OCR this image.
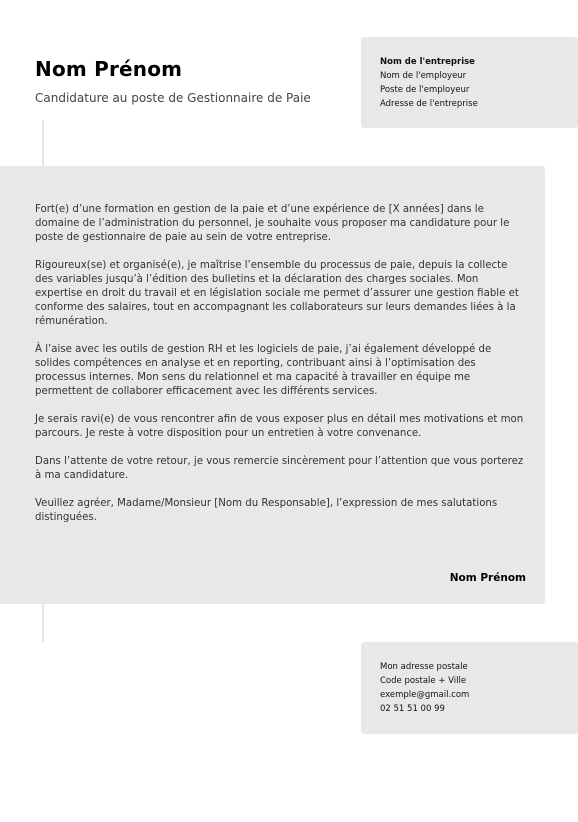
Nom Prénom
Candidature au poste de Gestionnaire de Paie
Nom de l'entreprise
Nom de l'employeur
Poste de l'employeur
Adresse de l'entreprise

Fort(e) d’une formation en gestion de la paie et d’une expérience de [X années] dans le domaine de l’administration du personnel, je souhaite vous proposer ma candidature pour le poste de gestionnaire de paie au sein de votre entreprise.

Rigoureux(se) et organisé(e), je maîtrise l’ensemble du processus de paie, depuis la collecte des variables jusqu’à l’édition des bulletins et la déclaration des charges sociales. Mon expertise en droit du travail et en législation sociale me permet d’assurer une gestion fiable et conforme des salaires, tout en accompagnant les collaborateurs sur leurs demandes liées à la rémunération.

À l’aise avec les outils de gestion RH et les logiciels de paie, j’ai également développé de solides compétences en analyse et en reporting, contribuant ainsi à l’optimisation des processus internes. Mon sens du relationnel et ma capacité à travailler en équipe me permettent de collaborer efficacement avec les différents services.

Je serais ravi(e) de vous rencontrer afin de vous exposer plus en détail mes motivations et mon parcours. Je reste à votre disposition pour un entretien à votre convenance.

Dans l’attente de votre retour, je vous remercie sincèrement pour l’attention que vous porterez à ma candidature.

Veuillez agréer, Madame/Monsieur [Nom du Responsable], l’expression de mes salutations distinguées.

Nom Prénom
Mon adresse postale
Code postale + Ville
exemple@gmail.com
02 51 51 00 99
